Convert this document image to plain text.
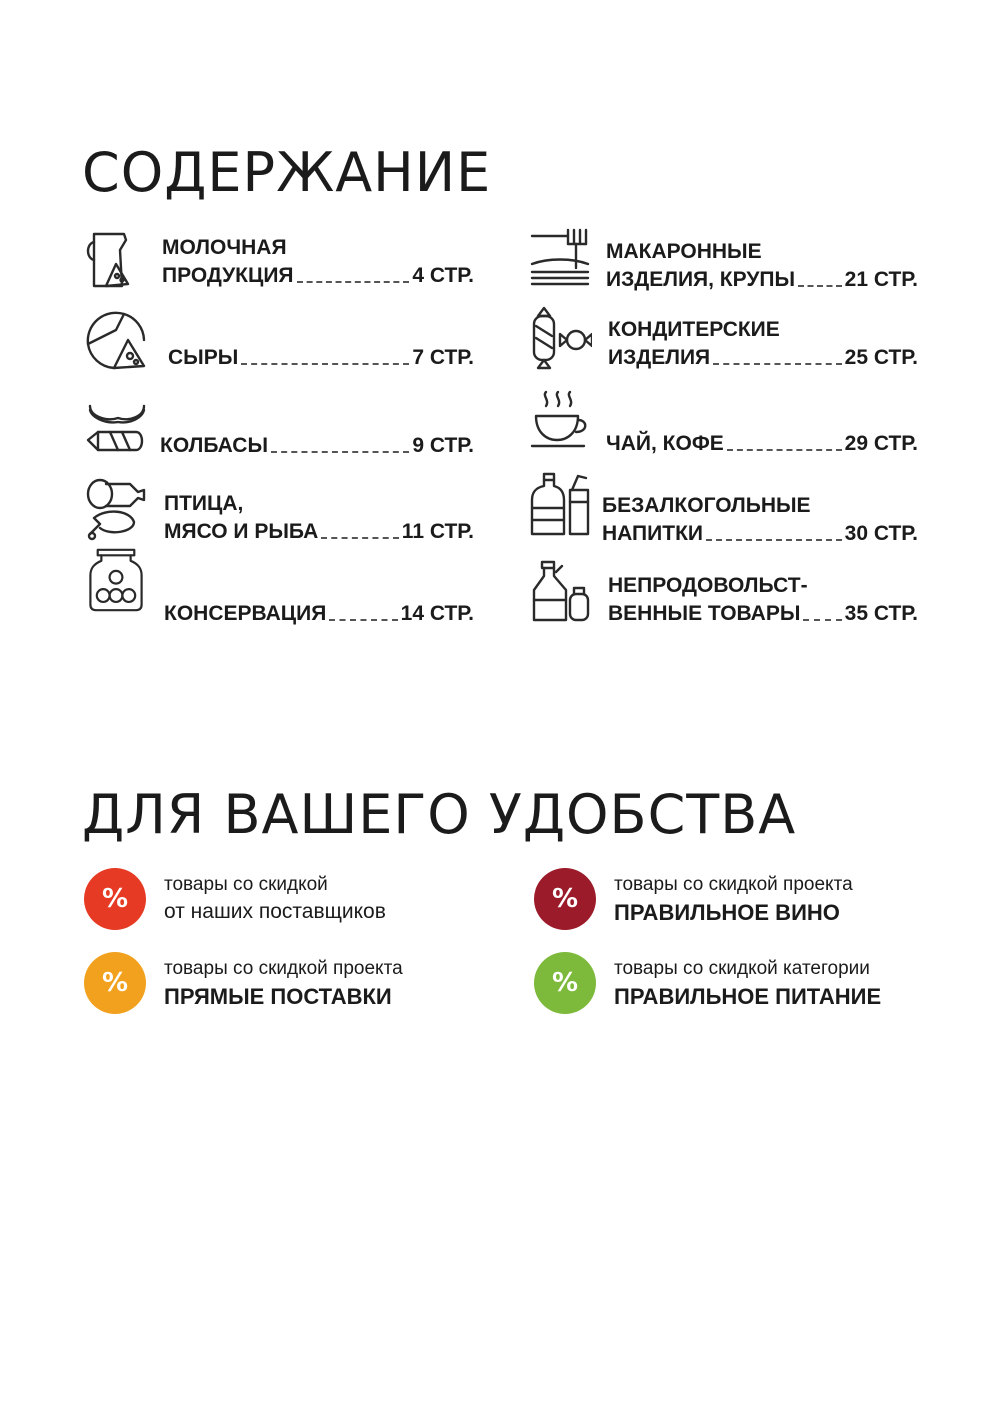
СОДЕРЖАНИЕ
МОЛОЧНАЯ
ПРОДУКЦИЯ	4 СТР.
СЫРЫ	7 СТР.
КОЛБАСЫ	9 СТР.
ПТИЦА,
МЯСО И РЫБА	11 СТР.
КОНСЕРВАЦИЯ	14 СТР.
МАКАРОННЫЕ
ИЗДЕЛИЯ, КРУПЫ 21 СТР.
КОНДИТЕРСКИЕ
ИЗДЕЛИЯ	25 СТР.
ЧАЙ, КОФЕ	29 СТР.
БЕЗАЛКОГОЛЬНЫЕ
НАПИТКИ	30 СТР.
НЕПРОДОВОЛЬСТ-
ВЕННЫЕ ТОВАРЫ 35 СТР.
ДЛЯ ВАШЕГО УДОБСТВА
%	товары со скидкой
от наших поставщиков	%	товары со скидкой проекта
ПРАВИЛЬНОЕ ВИНО
%	товары со скидкой проекта
ПРЯМЫЕ ПОСТАВКИ	%	товары со скидкой категории
ПРАВИЛЬНОЕ ПИТАНИЕ
